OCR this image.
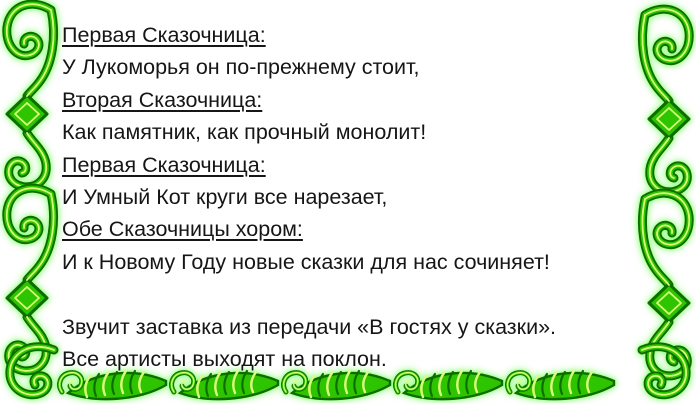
Первая Сказочница:
У Лукоморья он по-прежнему стоит,
Вторая Сказочница:
Как памятник, как прочный монолит!
Первая Сказочница:
И Умный Кот круги все нарезает,
Обе Сказочницы хором:
И к Новому Году новые сказки для нас сочиняет!
Звучит заставка из передачи «В гостях у сказки».
Все артисты выходят на поклон.
